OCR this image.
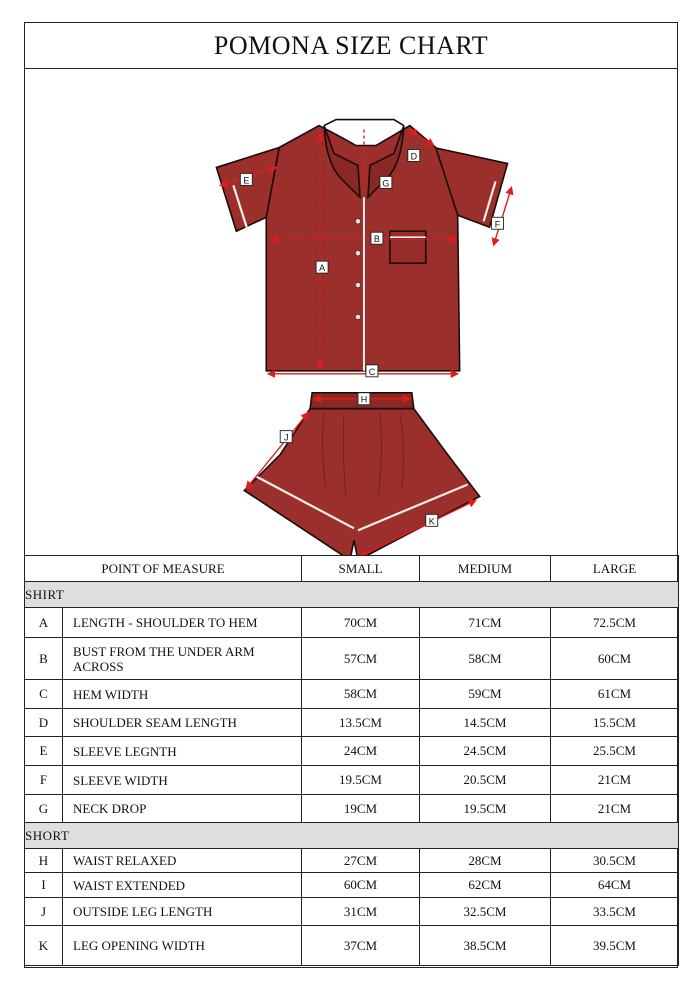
POMONA SIZE CHART
A
B
C
D
E
F
G
H
J
K
POINT OF MEASURE		SMALL	MEDIUM	LARGE
SHIRT				
A	LENGTH - SHOULDER TO HEM	70CM	71CM	72.5CM
B	BUST FROM THE UNDER ARM ACROSS	57CM	58CM	60CM
C	HEM WIDTH	58CM	59CM	61CM
D	SHOULDER SEAM LENGTH	13.5CM	14.5CM	15.5CM
E	SLEEVE LEGNTH	24CM	24.5CM	25.5CM
F	SLEEVE WIDTH	19.5CM	20.5CM	21CM
G	NECK DROP	19CM	19.5CM	21CM
SHORT				
H	WAIST RELAXED	27CM	28CM	30.5CM
I	WAIST EXTENDED	60CM	62CM	64CM
J	OUTSIDE LEG LENGTH	31CM	32.5CM	33.5CM
K	LEG OPENING WIDTH	37CM	38.5CM	39.5CM
